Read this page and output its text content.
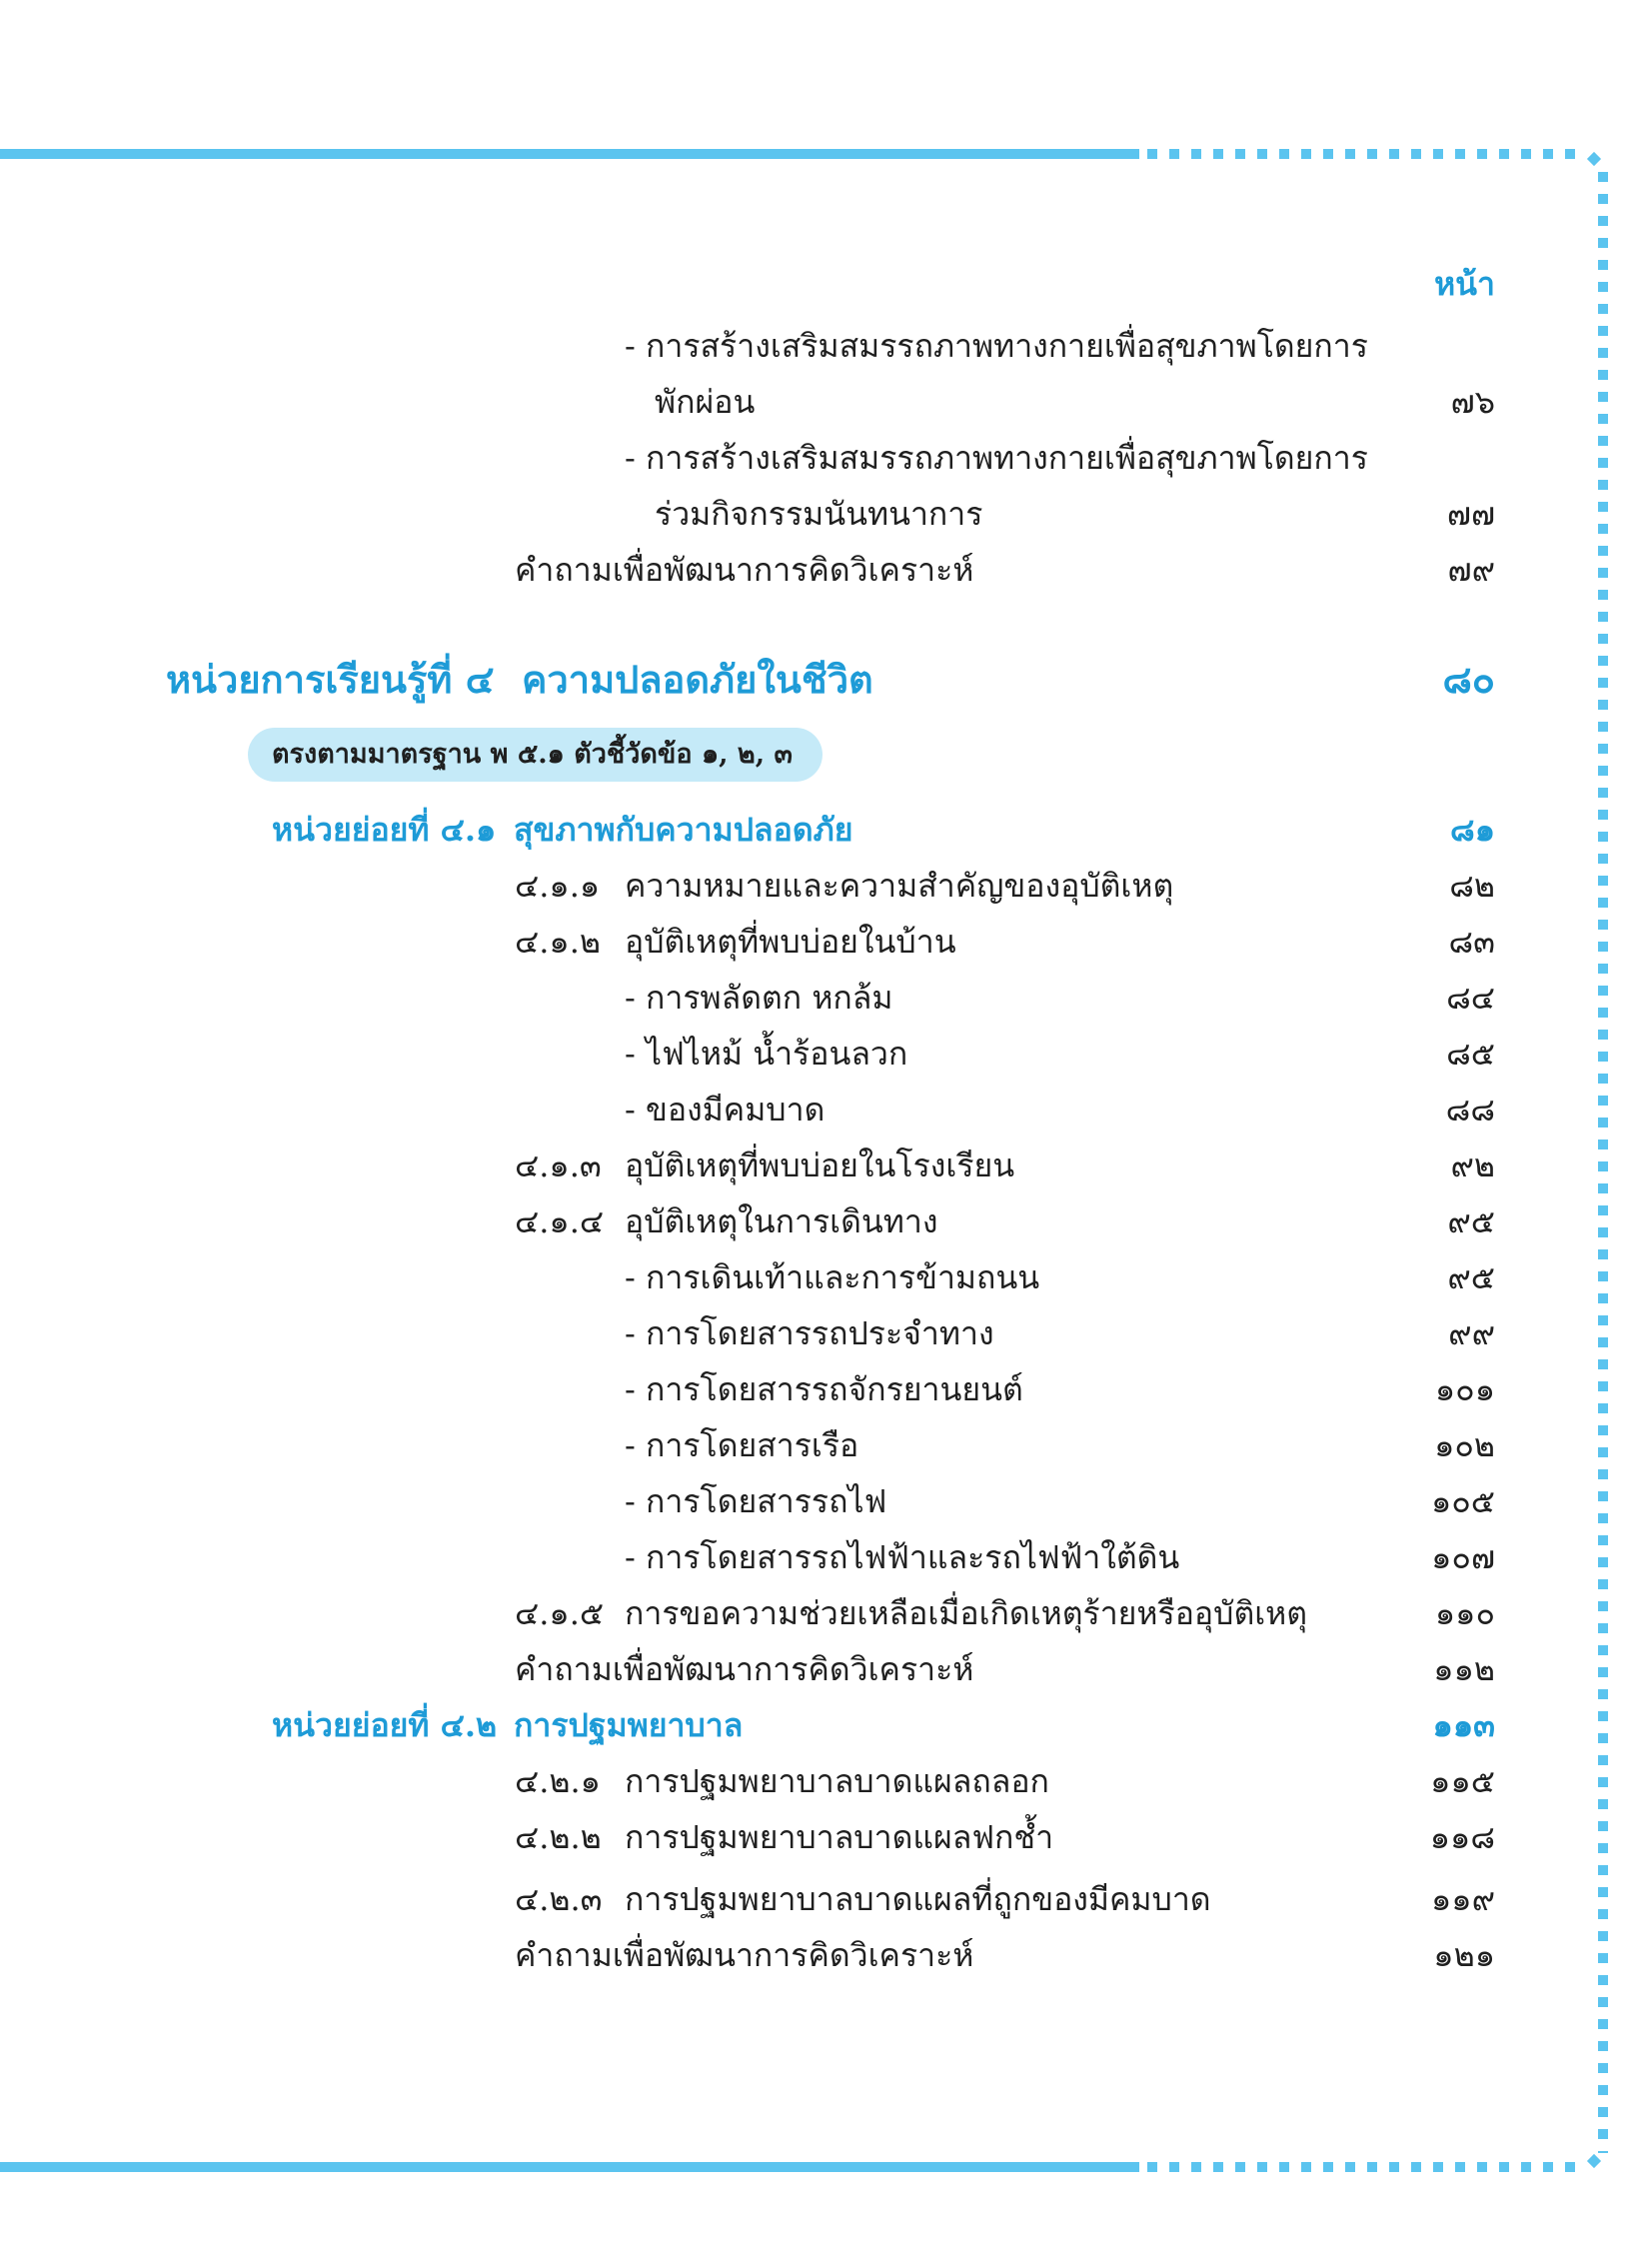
หน้า
- การสร้างเสริมสมรรถภาพทางกายเพื่อสุขภาพโดยการ
พักผ่อน	๗๖
- การสร้างเสริมสมรรถภาพทางกายเพื่อสุขภาพโดยการ
ร่วมกิจกรรมนันทนาการ	๗๗
คำถามเพื่อพัฒนาการคิดวิเคราะห์	๗๙
หน่วยการเรียนรู้ที่ ๔ ความปลอดภัยในชีวิต	๘๐
ตรงตามมาตรฐาน พ ๕.๑ ตัวชี้วัดข้อ ๑, ๒, ๓
หน่วยย่อยที่ ๔.๑ สุขภาพกับความปลอดภัย	๘๑
๔.๑.๑ ความหมายและความสำคัญของอุบัติเหตุ	๘๒
๔.๑.๒ อุบัติเหตุที่พบบ่อยในบ้าน	๘๓
- การพลัดตก หกล้ม	๘๔
- ไฟไหม้ น้ำร้อนลวก	๘๕
- ของมีคมบาด	๘๘
๔.๑.๓ อุบัติเหตุที่พบบ่อยในโรงเรียน	๙๒
๔.๑.๔ อุบัติเหตุในการเดินทาง	๙๕
- การเดินเท้าและการข้ามถนน	๙๕
- การโดยสารรถประจำทาง	๙๙
- การโดยสารรถจักรยานยนต์	๑๐๑
- การโดยสารเรือ	๑๐๒
- การโดยสารรถไฟ	๑๐๕
- การโดยสารรถไฟฟ้าและรถไฟฟ้าใต้ดิน	๑๐๗
๔.๑.๕ การขอความช่วยเหลือเมื่อเกิดเหตุร้ายหรืออุบัติเหตุ	๑๑๐
คำถามเพื่อพัฒนาการคิดวิเคราะห์	๑๑๒
หน่วยย่อยที่ ๔.๒ การปฐมพยาบาล	๑๑๓
๔.๒.๑ การปฐมพยาบาลบาดแผลถลอก	๑๑๕
๔.๒.๒ การปฐมพยาบาลบาดแผลฟกช้ำ	๑๑๘
๔.๒.๓ การปฐมพยาบาลบาดแผลที่ถูกของมีคมบาด	๑๑๙
คำถามเพื่อพัฒนาการคิดวิเคราะห์	๑๒๑
